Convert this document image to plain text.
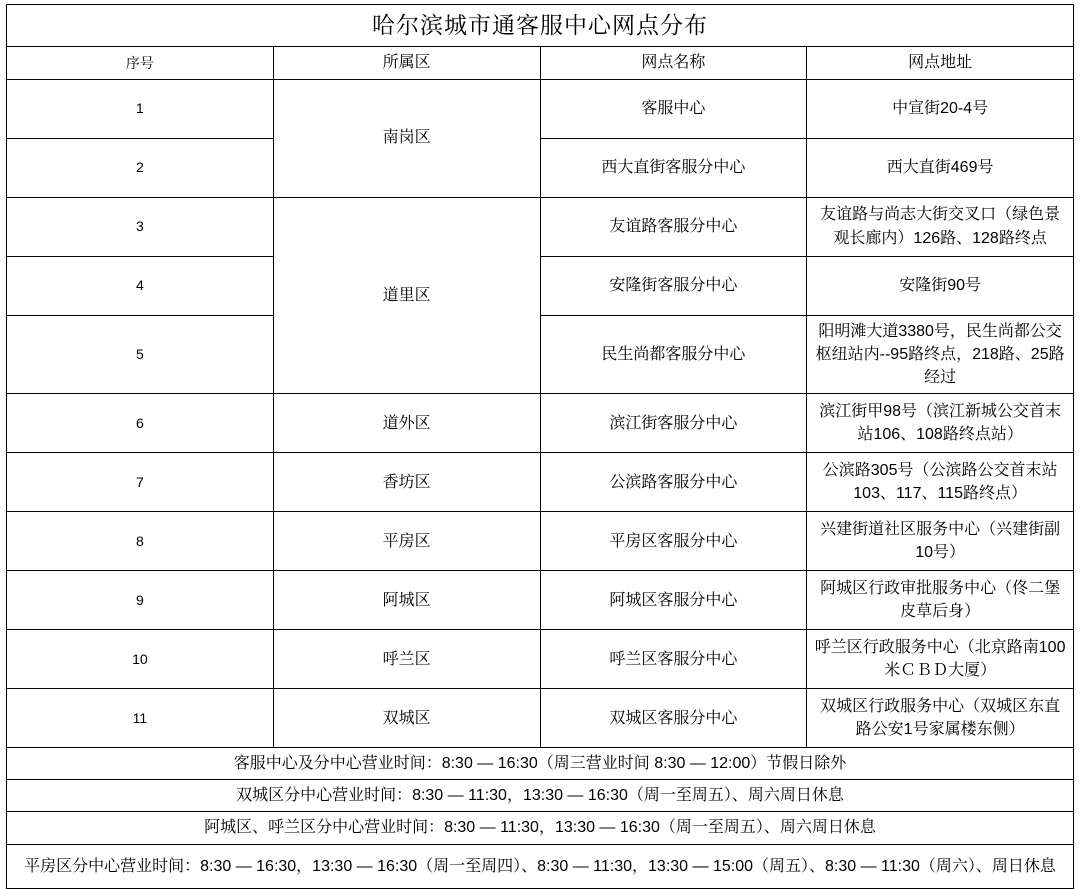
哈尔滨城市通客服中心网点分布			
序号	所属区	网点名称	网点地址
1	南岗区	客服中心	中宣街20-4号
2		西大直街客服分中心	西大直街469号
3	道里区	友谊路客服分中心	友谊路与尚志大街交叉口（绿色景观长廊内）126路、128路终点
4		安隆街客服分中心	安隆街90号
5		民生尚都客服分中心	阳明滩大道3380号，民生尚都公交枢纽站内--95路终点，218路、25路经过
6	道外区	滨江街客服分中心	滨江街甲98号（滨江新城公交首末站106、108路终点站）
7	香坊区	公滨路客服分中心	公滨路305号（公滨路公交首末站103、117、115路终点）
8	平房区	平房区客服分中心	兴建街道社区服务中心（兴建街副10号）
9	阿城区	阿城区客服分中心	阿城区行政审批服务中心（佟二堡皮草后身）
10	呼兰区	呼兰区客服分中心	呼兰区行政服务中心（北京路南100米ＣＢＤ大厦）
11	双城区	双城区客服分中心	双城区行政服务中心（双城区东直路公安1号家属楼东侧）
客服中心及分中心营业时间：8:30 ― 16:30（周三营业时间 8:30 ― 12:00）节假日除外			
双城区分中心营业时间：8:30 ― 11:30，13:30 ― 16:30（周一至周五）、周六周日休息			
阿城区、呼兰区分中心营业时间：8:30 ― 11:30，13:30 ― 16:30（周一至周五）、周六周日休息			
平房区分中心营业时间：8:30 ― 16:30，13:30 ― 16:30（周一至周四）、8:30 ― 11:30，13:30 ― 15:00（周五）、8:30 ― 11:30（周六）、周日休息			
